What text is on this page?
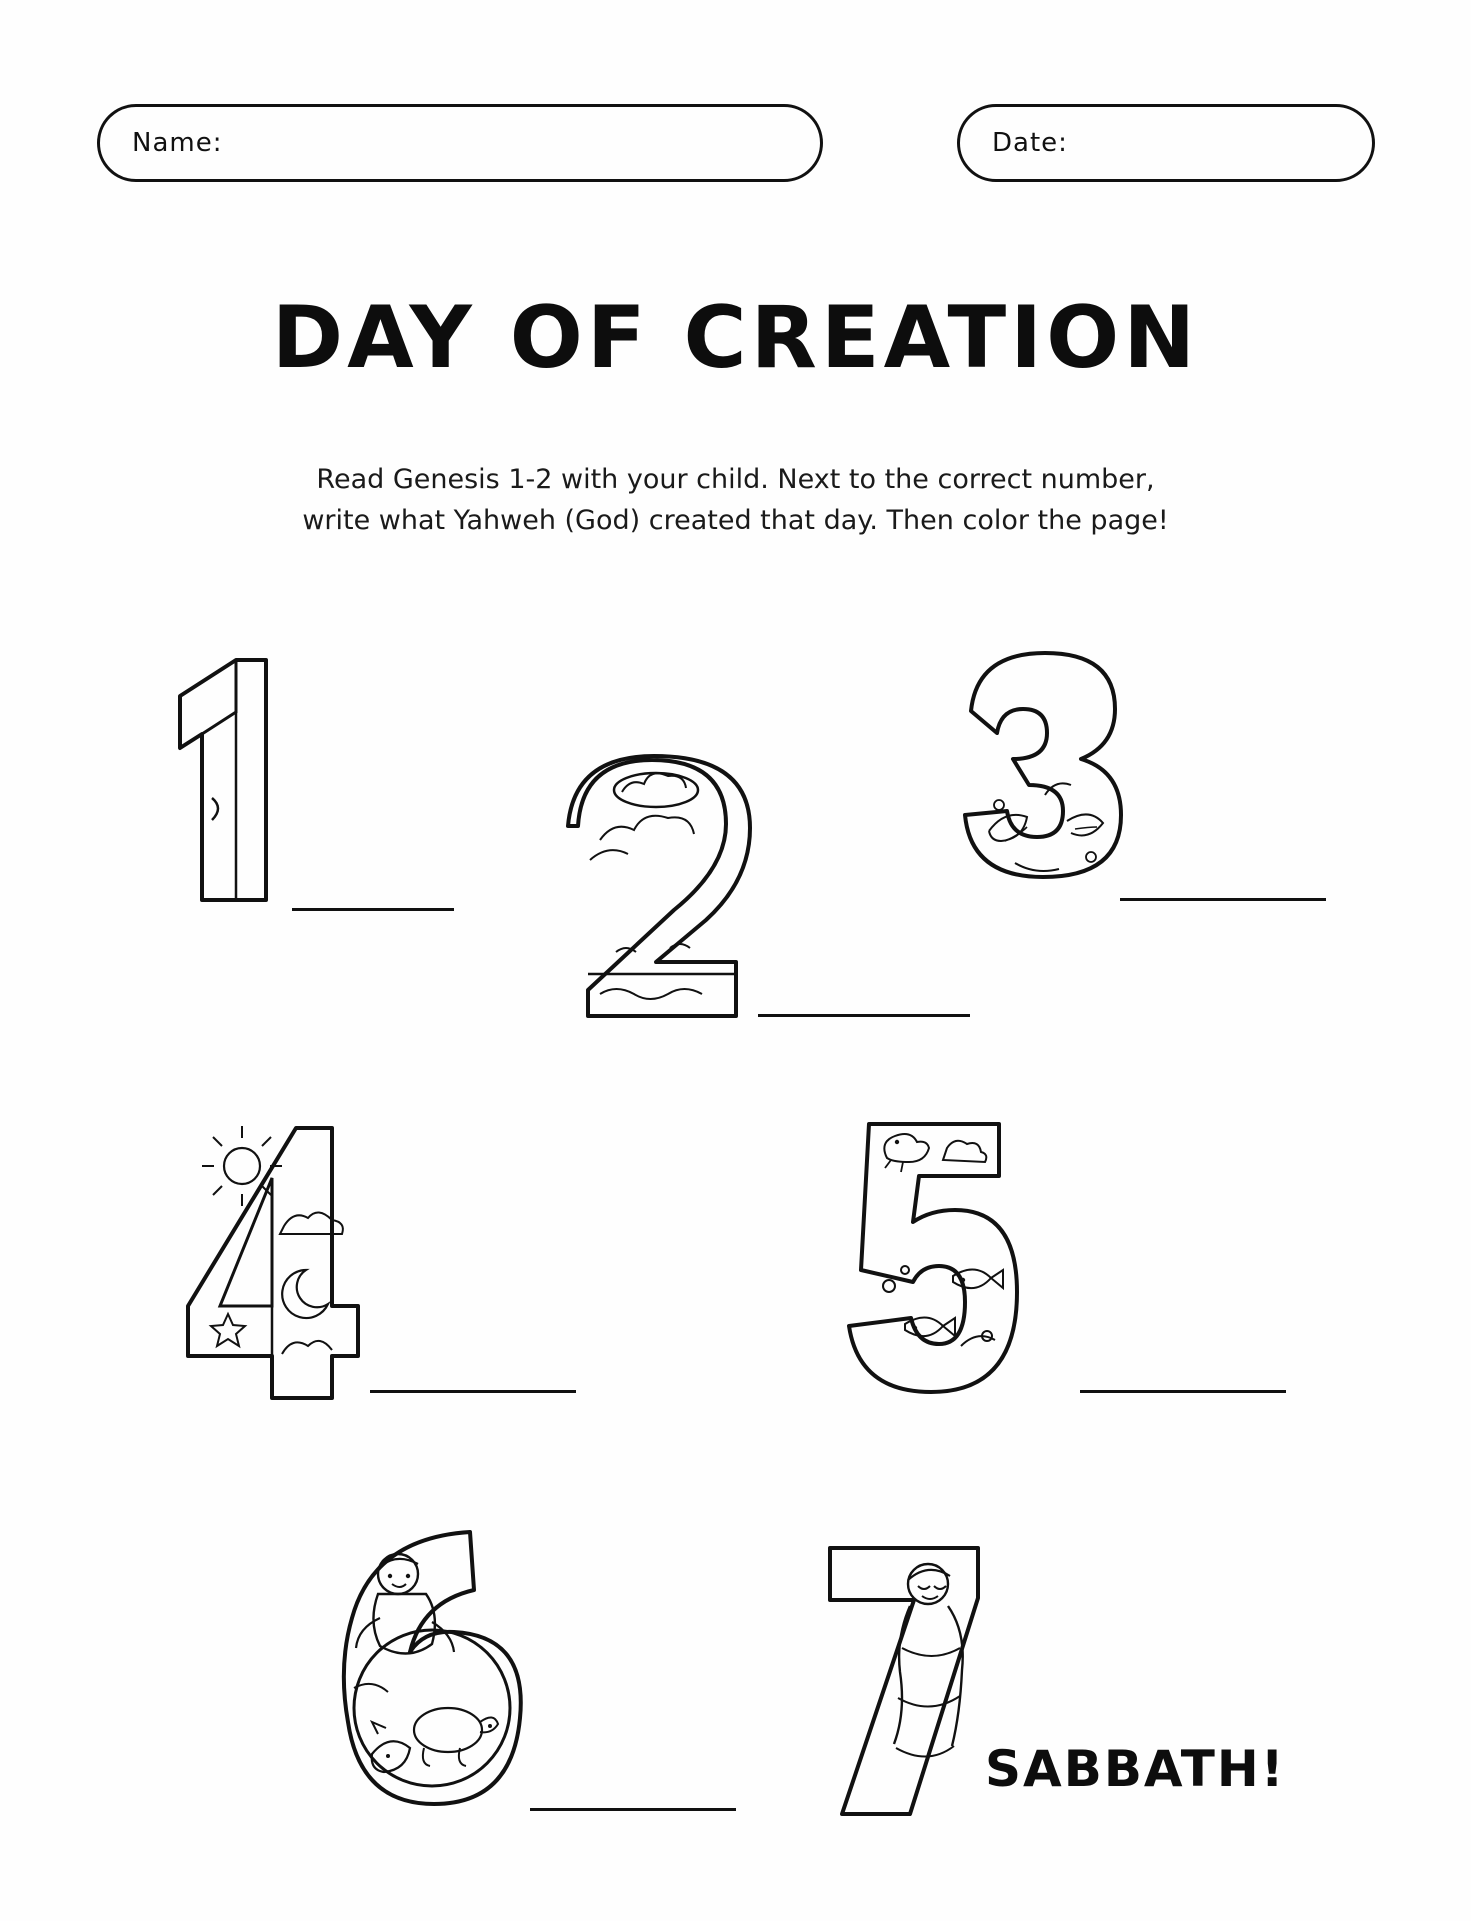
Name:	Date:
DAY OF CREATION
Read Genesis 1-2 with your child. Next to the correct number,
write what Yahweh (God) created that day. Then color the page!
SABBATH!
